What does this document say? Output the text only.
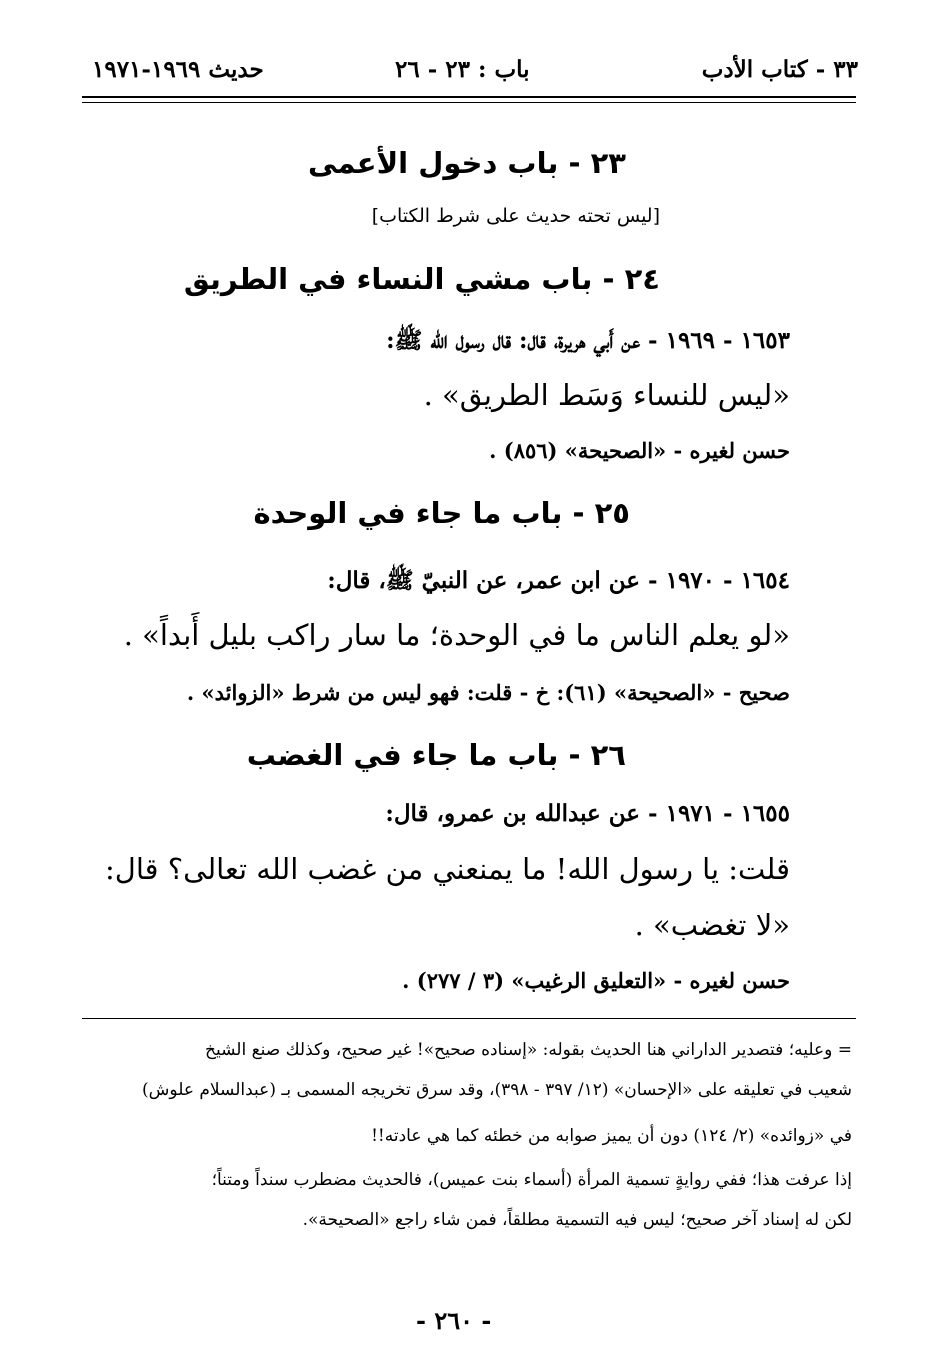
٣٣ - كتاب الأدب
باب : ٢٣ - ٢٦
حديث ١٩٦٩-١٩٧١
٢٣ - باب دخول الأعمى
[ليس تحته حديث على شرط الكتاب]
٢٤ - باب مشي النساء في الطريق
١٦٥٣ - ١٩٦٩ - عن أَبي هريرة، قال: قال رسول الله ﷺ:
«ليس للنساء وَسَط الطريق» .
حسن لغيره - «الصحيحة» (٨٥٦) .
٢٥ - باب ما جاء في الوحدة
١٦٥٤ - ١٩٧٠ - عن ابن عمر، عن النبيّ ﷺ، قال:
«لو يعلم الناس ما في الوحدة؛ ما سار راكب بليل أَبداً» .
صحيح - «الصحيحة» (٦١): خ - قلت: فهو ليس من شرط «الزوائد» .
٢٦ - باب ما جاء في الغضب
١٦٥٥ - ١٩٧١ - عن عبدالله بن عمرو، قال:
قلت: يا رسول الله! ما يمنعني من غضب الله تعالى؟ قال:
«لا تغضب» .
حسن لغيره - «التعليق الرغيب» (٣ / ٢٧٧) .
= وعليه؛ فتصدير الداراني هنا الحديث بقوله: «إسناده صحيح»! غير صحيح، وكذلك صنع الشيخ
شعيب في تعليقه على «الإحسان» (١٢/ ٣٩٧ - ٣٩٨)، وقد سرق تخريجه المسمى بـ (عبدالسلام علوش)
في «زوائده» (٢/ ١٢٤) دون أن يميز صوابه من خطئه كما هي عادته!!
إذا عرفت هذا؛ ففي روايةٍ تسمية المرأة (أسماء بنت عميس)، فالحديث مضطرب سنداً ومتناً؛
لكن له إسناد آخر صحيح؛ ليس فيه التسمية مطلقاً، فمن شاء راجع «الصحيحة».
- ٢٦٠ -
